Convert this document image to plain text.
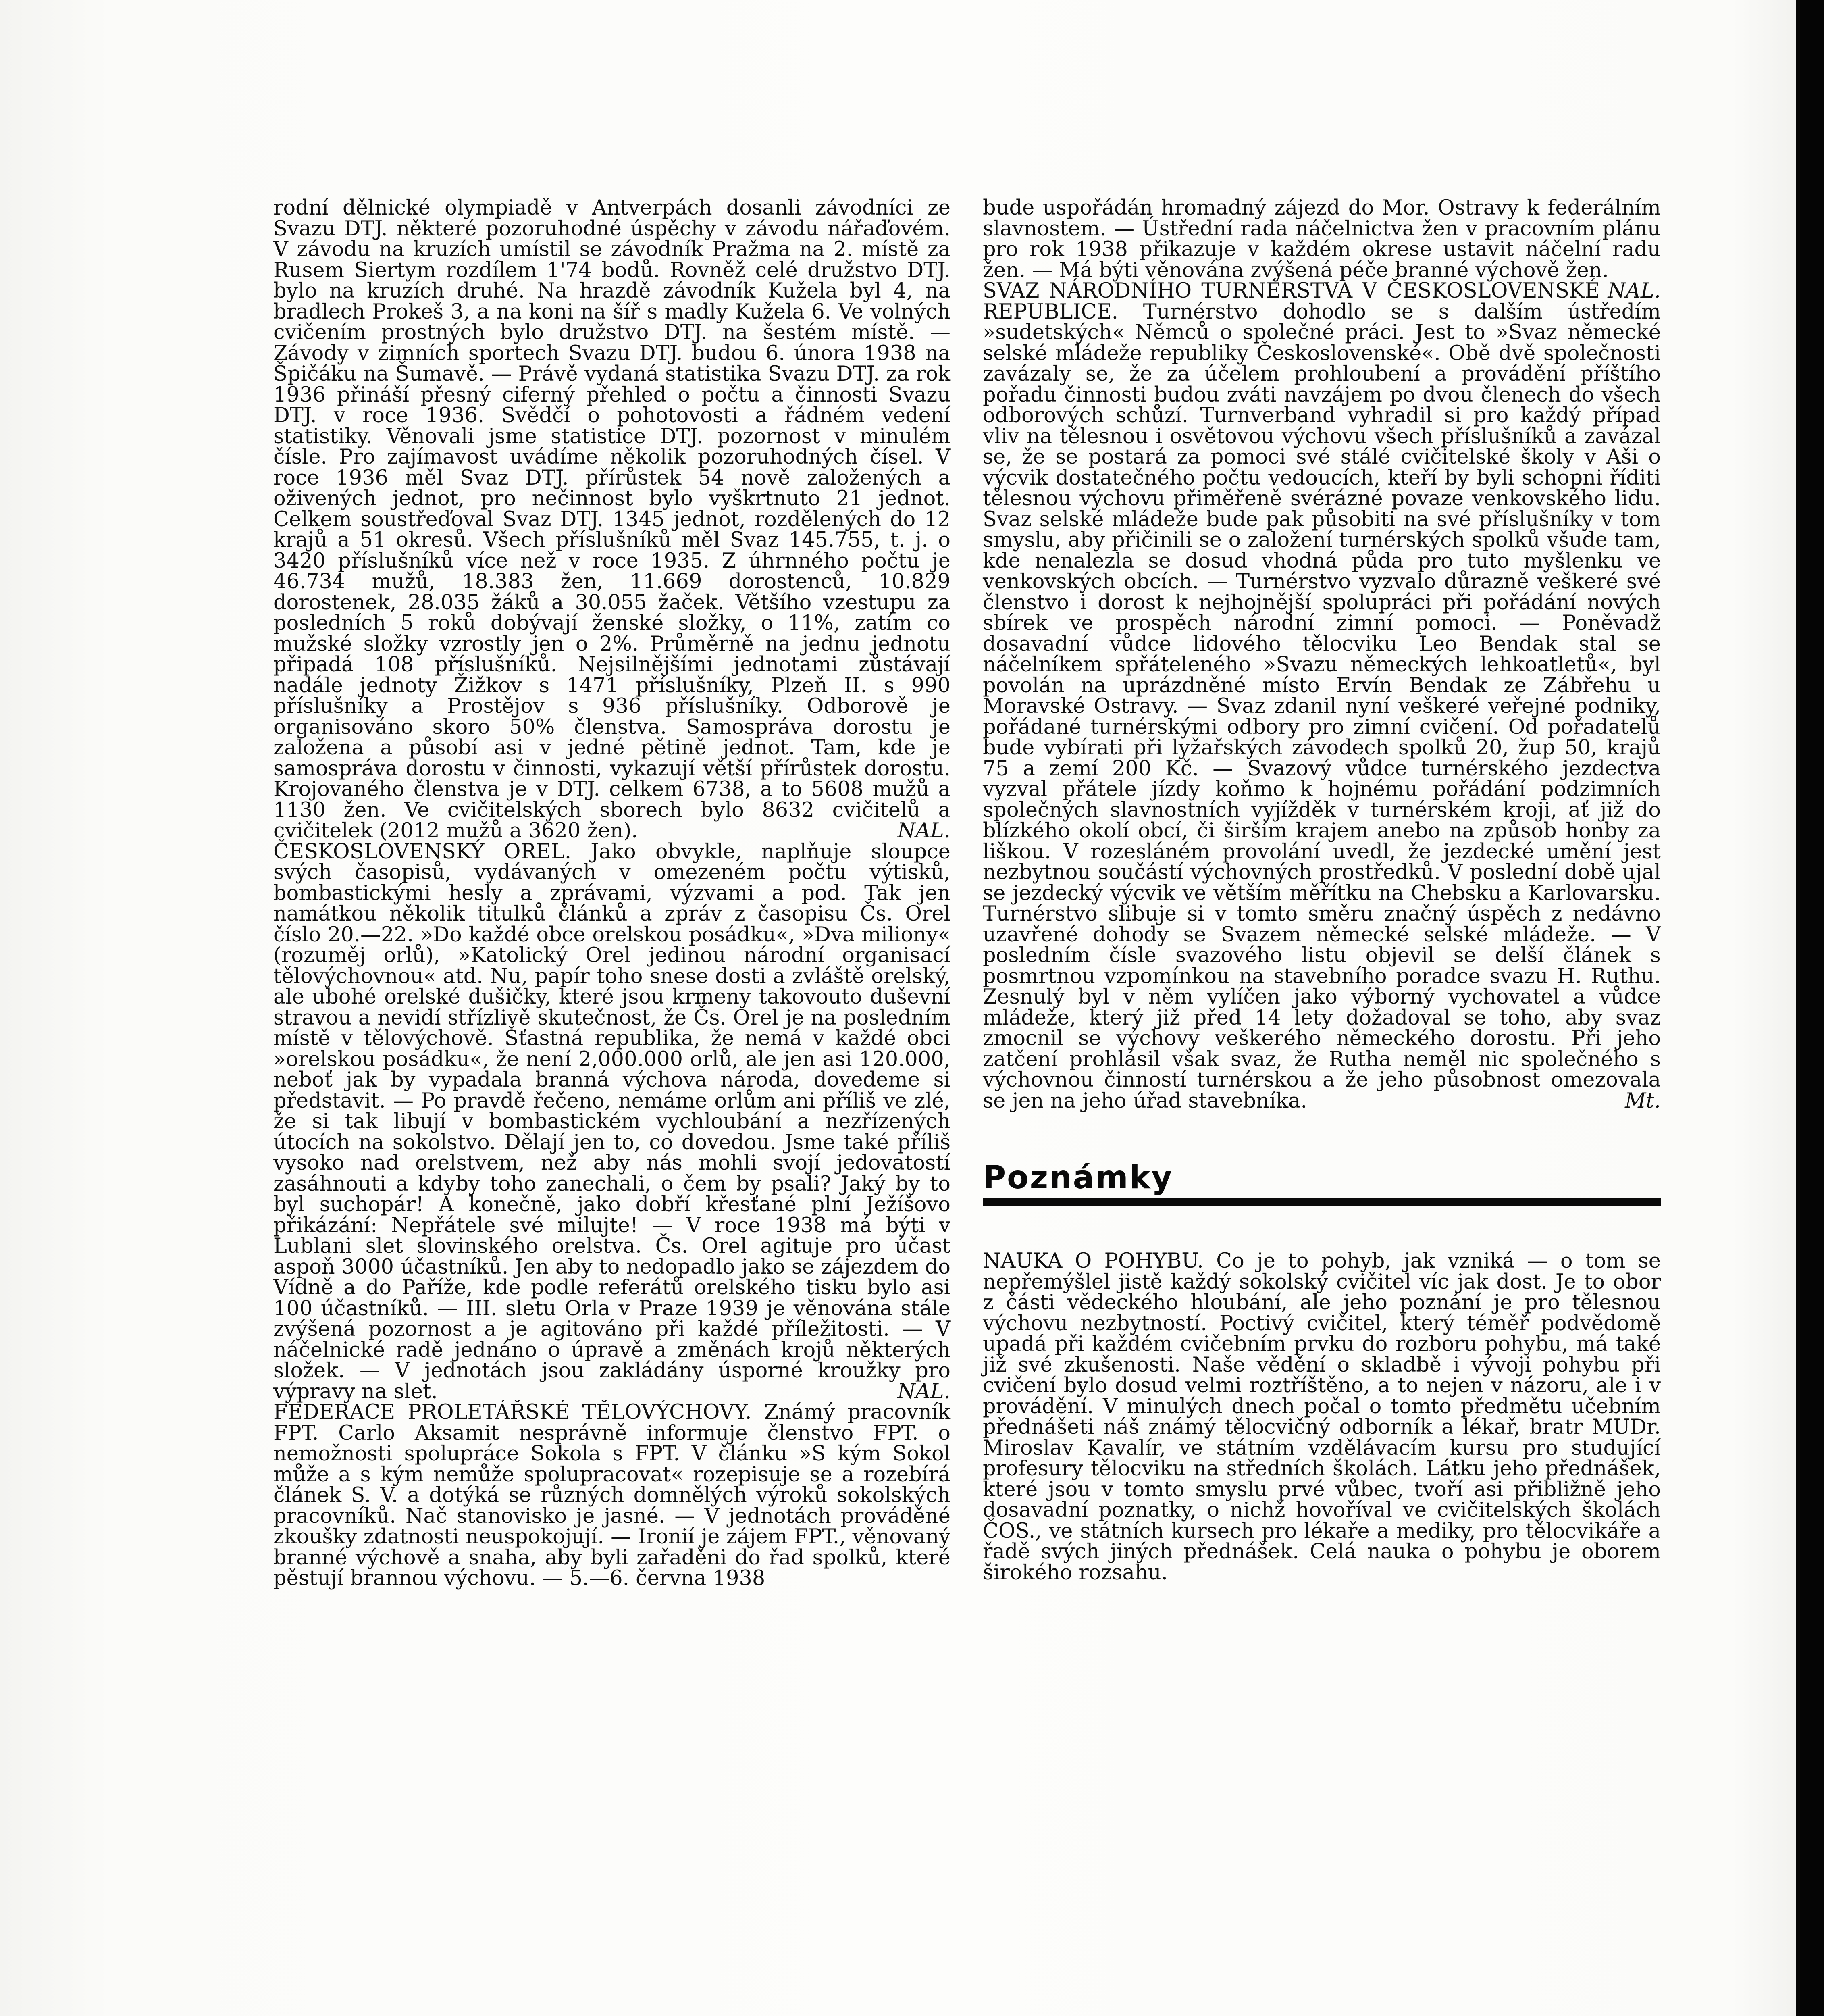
rodní dělnické olympiadě v Antverpách dosanli závodníci ze Svazu DTJ. některé pozoruhodné úspěchy v závodu nářaďovém. V závodu na kruzích umístil se závodník Pražma na 2. místě za Rusem Siertym rozdílem 1'74 bodů. Rovněž celé družstvo DTJ. bylo na kruzích druhé. Na hrazdě závodník Kužela byl 4, na bradlech Prokeš 3, a na koni na šíř s madly Kužela 6. Ve volných cvičením prostných bylo družstvo DTJ. na šestém místě. — Závody v zimních sportech Svazu DTJ. budou 6. února 1938 na Špičáku na Šumavě. — Právě vydaná statistika Svazu DTJ. za rok 1936 přináší přesný ciferný přehled o počtu a činnosti Svazu DTJ. v roce 1936. Svědčí o pohotovosti a řádném vedení statistiky. Věnovali jsme statistice DTJ. pozornost v minulém čísle. Pro zajímavost uvádíme několik pozoruhodných čísel. V roce 1936 měl Svaz DTJ. přírůstek 54 nově založených a oživených jednot, pro nečinnost bylo vyškrtnuto 21 jednot. Celkem soustřeďoval Svaz DTJ. 1345 jednot, rozdělených do 12 krajů a 51 okresů. Všech příslušníků měl Svaz 145.755, t. j. o 3420 příslušníků více než v roce 1935. Z úhrnného počtu je 46.734 mužů, 18.383 žen, 11.669 dorostenců, 10.829 dorostenek, 28.035 žáků a 30.055 žaček. Většího vzestupu za posledních 5 roků dobývají ženské složky, o 11%, zatím co mužské složky vzrostly jen o 2%. Průměrně na jednu jednotu připadá 108 příslušníků. Nejsilnějšími jednotami zůstávají nadále jednoty Žižkov s 1471 příslušníky, Plzeň II. s 990 příslušníky a Prostějov s 936 příslušníky. Odborově je organisováno skoro 50% členstva. Samospráva dorostu je založena a působí asi v jedné pětině jednot. Tam, kde je samospráva dorostu v činnosti, vykazují větší přírůstek dorostu. Krojovaného členstva je v DTJ. celkem 6738, a to 5608 mužů a 1130 žen. Ve cvičitelských sborech bylo 8632 cvičitelů a cvičitelek (2012 mužů a 3620 žen).	NAL.

ČESKOSLOVENSKÝ OREL. Jako obvykle, naplňuje sloupce svých časopisů, vydávaných v omezeném počtu výtisků, bombastickými hesly a zprávami, výzvami a pod. Tak jen namátkou několik titulků článků a zpráv z časopisu Čs. Orel číslo 20.—22. »Do každé obce orelskou posádku«, »Dva miliony« (rozuměj orlů), »Katolický Orel jedinou národní organisací tělovýchovnou« atd. Nu, papír toho snese dosti a zvláště orelský, ale ubohé orelské dušičky, které jsou krmeny takovouto duševní stravou a nevidí střízlivě skutečnost, že Čs. Orel je na posledním místě v tělovýchově. Šťastná republika, že nemá v každé obci »orelskou posádku«, že není 2,000.000 orlů, ale jen asi 120.000, neboť jak by vypadala branná výchova národa, dovedeme si představit. — Po pravdě řečeno, nemáme orlům ani příliš ve zlé, že si tak libují v bombastickém vychloubání a nezřízených útocích na sokolstvo. Dělají jen to, co dovedou. Jsme také příliš vysoko nad orelstvem, než aby nás mohli svojí jedovatostí zasáhnouti a kdyby toho zanechali, o čem by psali? Jaký by to byl suchopár! A konečně, jako dobří křesťané plní Ježíšovo přikázání: Nepřátele své milujte! — V roce 1938 má býti v Lublani slet slovinského orelstva. Čs. Orel agituje pro účast aspoň 3000 účastníků. Jen aby to nedopadlo jako se zájezdem do Vídně a do Paříže, kde podle referátů orelského tisku bylo asi 100 účastníků. — III. sletu Orla v Praze 1939 je věnována stále zvýšená pozornost a je agitováno při každé příležitosti. — V náčelnické radě jednáno o úpravě a změnách krojů některých složek. — V jednotách jsou zakládány úsporné kroužky pro výpravy na slet.	NAL.

FEDERACE PROLETÁŘSKÉ TĚLOVÝCHOVY. Známý pracovník FPT. Carlo Aksamit nesprávně informuje členstvo FPT. o nemožnosti spolupráce Sokola s FPT. V článku »S kým Sokol může a s kým nemůže spolupracovat« rozepisuje se a rozebírá článek S. V. a dotýká se různých domnělých výroků sokolských pracovníků. Nač stanovisko je jasné. — V jednotách prováděné zkoušky zdatnosti neuspokojují. — Ironií je zájem FPT., věnovaný branné výchově a snaha, aby byli zařaděni do řad spolků, které pěstují brannou výchovu. — 5.—6. června 1938

bude uspořádán hromadný zájezd do Mor. Ostravy k federálním slavnostem. — Ústřední rada náčelnictva žen v pracovním plánu pro rok 1938 přikazuje v každém okrese ustavit náčelní radu žen. — Má býti věnována zvýšená péče branné výchově žen.
NAL.

SVAZ NÁRODNÍHO TURNÉRSTVA V ČESKOSLOVENSKÉ REPUBLICE. Turnérstvo dohodlo se s dalším ústředím »sudetských« Němců o společné práci. Jest to »Svaz německé selské mládeže republiky Československé«. Obě dvě společnosti zavázaly se, že za účelem prohloubení a provádění příštího pořadu činnosti budou zváti navzájem po dvou členech do všech odborových schůzí. Turnverband vyhradil si pro každý případ vliv na tělesnou i osvětovou výchovu všech příslušníků a zavázal se, že se postará za pomoci své stálé cvičitelské školy v Aši o výcvik dostatečného počtu vedoucích, kteří by byli schopni říditi tělesnou výchovu přiměřeně svérázné povaze venkovského lidu. Svaz selské mládeže bude pak působiti na své příslušníky v tom smyslu, aby přičinili se o založení turnérských spolků všude tam, kde nenalezla se dosud vhodná půda pro tuto myšlenku ve venkovských obcích. — Turnérstvo vyzvalo důrazně veškeré své členstvo i dorost k nejhojnější spolupráci při pořádání nových sbírek ve prospěch národní zimní pomoci. — Poněvadž dosavadní vůdce lidového tělocviku Leo Bendak stal se náčelníkem spřáteleného »Svazu německých lehkoatletů«, byl povolán na uprázdněné místo Ervín Bendak ze Zábřehu u Moravské Ostravy. — Svaz zdanil nyní veškeré veřejné podniky, pořádané turnérskými odbory pro zimní cvičení. Od pořadatelů bude vybírati při lyžařských závodech spolků 20, žup 50, krajů 75 a zemí 200 Kč. — Svazový vůdce turnérského jezdectva vyzval přátele jízdy koňmo k hojnému pořádání podzimních společných slavnostních vyjížděk v turnérském kroji, ať již do blízkého okolí obcí, či širším krajem anebo na způsob honby za liškou. V rozesláném provolání uvedl, že jezdecké umění jest nezbytnou součástí výchovných prostředků. V poslední době ujal se jezdecký výcvik ve větším měřítku na Chebsku a Karlovarsku. Turnérstvo slibuje si v tomto směru značný úspěch z nedávno uzavřené dohody se Svazem německé selské mládeže. — V posledním čísle svazového listu objevil se delší článek s posmrtnou vzpomínkou na stavebního poradce svazu H. Ruthu. Zesnulý byl v něm vylíčen jako výborný vychovatel a vůdce mládeže, který již před 14 lety dožadoval se toho, aby svaz zmocnil se výchovy veškerého německého dorostu. Při jeho zatčení prohlásil však svaz, že Rutha neměl nic společného s výchovnou činností turnérskou a že jeho působnost omezovala se jen na jeho úřad stavebníka.	Mt.

Poznámky

NAUKA O POHYBU. Co je to pohyb, jak vzniká — o tom se nepřemýšlel jistě každý sokolský cvičitel víc jak dost. Je to obor z části vědeckého hloubání, ale jeho poznání je pro tělesnou výchovu nezbytností. Poctivý cvičitel, který téměř podvědomě upadá při každém cvičebním prvku do rozboru pohybu, má také již své zkušenosti. Naše vědění o skladbě i vývoji pohybu při cvičení bylo dosud velmi roztříštěno, a to nejen v názoru, ale i v provádění. V minulých dnech počal o tomto předmětu učebním přednášeti náš známý tělocvičný odborník a lékař, bratr MUDr. Miroslav Kavalír, ve státním vzdělávacím kursu pro studující profesury tělocviku na středních školách. Látku jeho přednášek, které jsou v tomto smyslu prvé vůbec, tvoří asi přibližně jeho dosavadní poznatky, o nichž hovoříval ve cvičitelských školách ČOS., ve státních kursech pro lékaře a mediky, pro tělocvikáře a řadě svých jiných přednášek. Celá nauka o pohybu je oborem širokého rozsahu.
